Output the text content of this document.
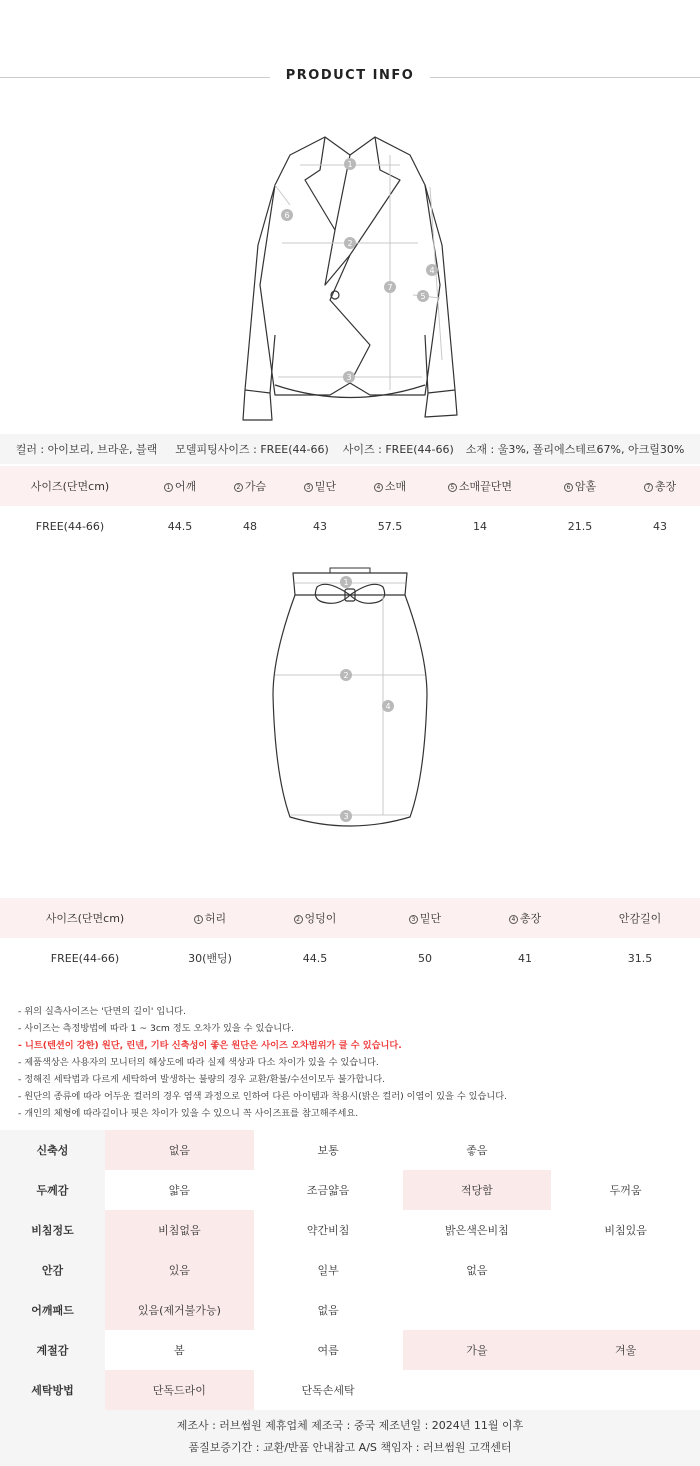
PRODUCT INFO
1
2
3
4
5
6
7
컬러 : 아이보리, 브라운, 블랙 모델피팅사이즈 : FREE(44-66) 사이즈 : FREE(44-66) 소재 : 울3%, 폴리에스테르67%, 아크릴30%
사이즈(단면cm)	1 어깨	2 가슴	3 밑단	4 소매	5 소매끝단면	6 암홀	7 총장
FREE(44-66)	44.5	48	43	57.5	14	21.5	43
1
2
3
4
사이즈(단면cm)	1 허리	2 엉덩이	3 밑단	4 총장	안감길이
FREE(44-66)	30(밴딩)	44.5	50	41	31.5
- 위의 실측사이즈는 '단면의 길이' 입니다.
- 사이즈는 측정방법에 따라 1 ~ 3cm 정도 오차가 있을 수 있습니다.
- 니트(텐션이 강한) 원단, 린넨, 기타 신축성이 좋은 원단은 사이즈 오차범위가 클 수 있습니다.
- 제품색상은 사용자의 모니터의 해상도에 따라 실제 색상과 다소 차이가 있을 수 있습니다.
- 정해진 세탁법과 다르게 세탁하여 발생하는 불량의 경우 교환/환불/수선이모두 불가합니다.
- 원단의 종류에 따라 어두운 컬러의 경우 염색 과정으로 인하여 다른 아이템과 착용시(밝은 컬러) 이염이 있을 수 있습니다.
- 개인의 체형에 따라길이나 핏은 차이가 있을 수 있으니 꼭 사이즈표를 참고해주세요.
신축성	없음	보통	좋음
두께감	얇음	조금얇음	적당함	두꺼움
비침정도	비침없음	약간비침	밝은색은비침	비침있음
안감	있음	일부	없음
어깨패드	있음(제거불가능)	없음
계절감	봄	여름	가을	겨울
세탁방법	단독드라이	단독손세탁
제조사 : 러브썸원 제휴업체 제조국 : 중국 제조년일 : 2024년 11월 이후
품질보증기간 : 교환/반품 안내참고 A/S 책임자 : 러브썸원 고객센터
